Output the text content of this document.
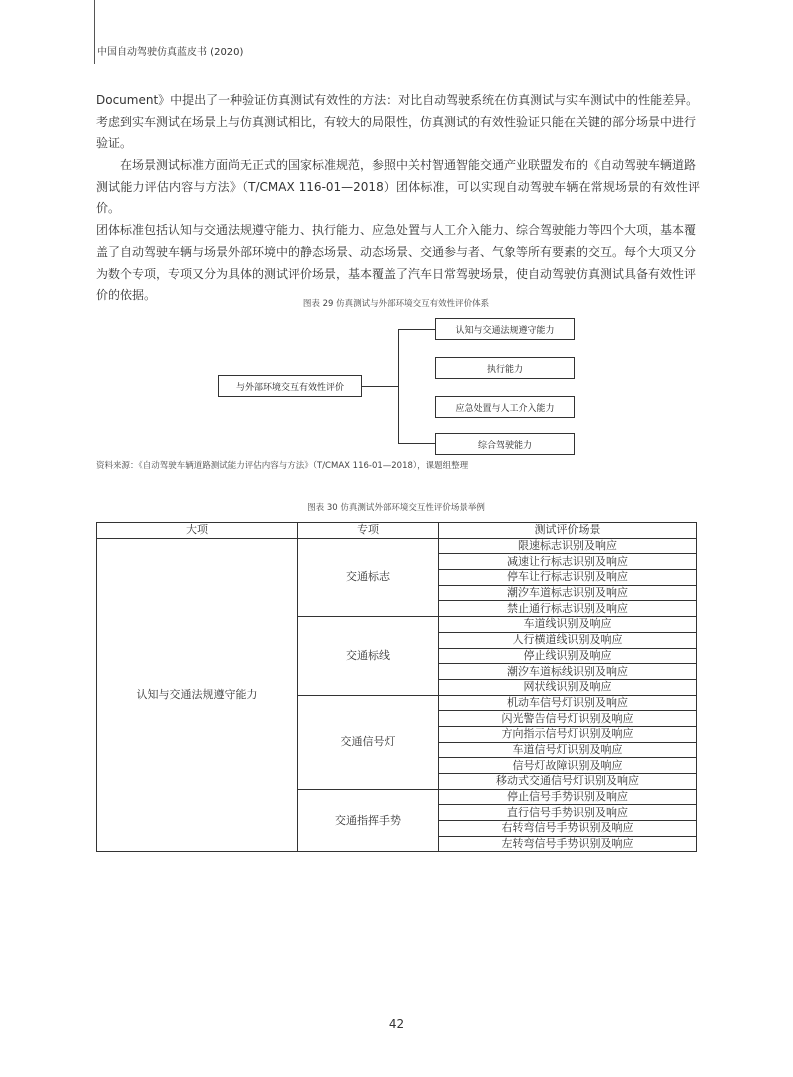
中国自动驾驶仿真蓝皮书 (2020)

Document》中提出了一种验证仿真测试有效性的方法：对比自动驾驶系统在仿真测试与实车测试中的性能差异。
考虑到实车测试在场景上与仿真测试相比，有较大的局限性，仿真测试的有效性验证只能在关键的部分场景中进行
验证。

在场景测试标准方面尚无正式的国家标准规范，参照中关村智通智能交通产业联盟发布的《自动驾驶车辆道路
测试能力评估内容与方法》（T/CMAX 116-01—2018）团体标准，可以实现自动驾驶车辆在常规场景的有效性评价。
团体标准包括认知与交通法规遵守能力、执行能力、应急处置与人工介入能力、综合驾驶能力等四个大项，基本覆
盖了自动驾驶车辆与场景外部环境中的静态场景、动态场景、交通参与者、气象等所有要素的交互。每个大项又分
为数个专项，专项又分为具体的测试评价场景，基本覆盖了汽车日常驾驶场景，使自动驾驶仿真测试具备有效性评
价的依据。

图表 29 仿真测试与外部环境交互有效性评价体系
与外部环境交互有效性评价
认知与交通法规遵守能力
执行能力
应急处置与人工介入能力
综合驾驶能力
资料来源：《自动驾驶车辆道路测试能力评估内容与方法》（T/CMAX 116-01—2018），课题组整理
图表 30 仿真测试外部环境交互性评价场景举例
大项	专项	测试评价场景
认知与交通法规遵守能力	交通标志	限速标志识别及响应
		减速让行标志识别及响应
		停车让行标志识别及响应
		潮汐车道标志识别及响应
		禁止通行标志识别及响应
	交通标线	车道线识别及响应
		人行横道线识别及响应
		停止线识别及响应
		潮汐车道标线识别及响应
		网状线识别及响应
	交通信号灯	机动车信号灯识别及响应
		闪光警告信号灯识别及响应
		方向指示信号灯识别及响应
		车道信号灯识别及响应
		信号灯故障识别及响应
		移动式交通信号灯识别及响应
	交通指挥手势	停止信号手势识别及响应
		直行信号手势识别及响应
		右转弯信号手势识别及响应
		左转弯信号手势识别及响应
42
